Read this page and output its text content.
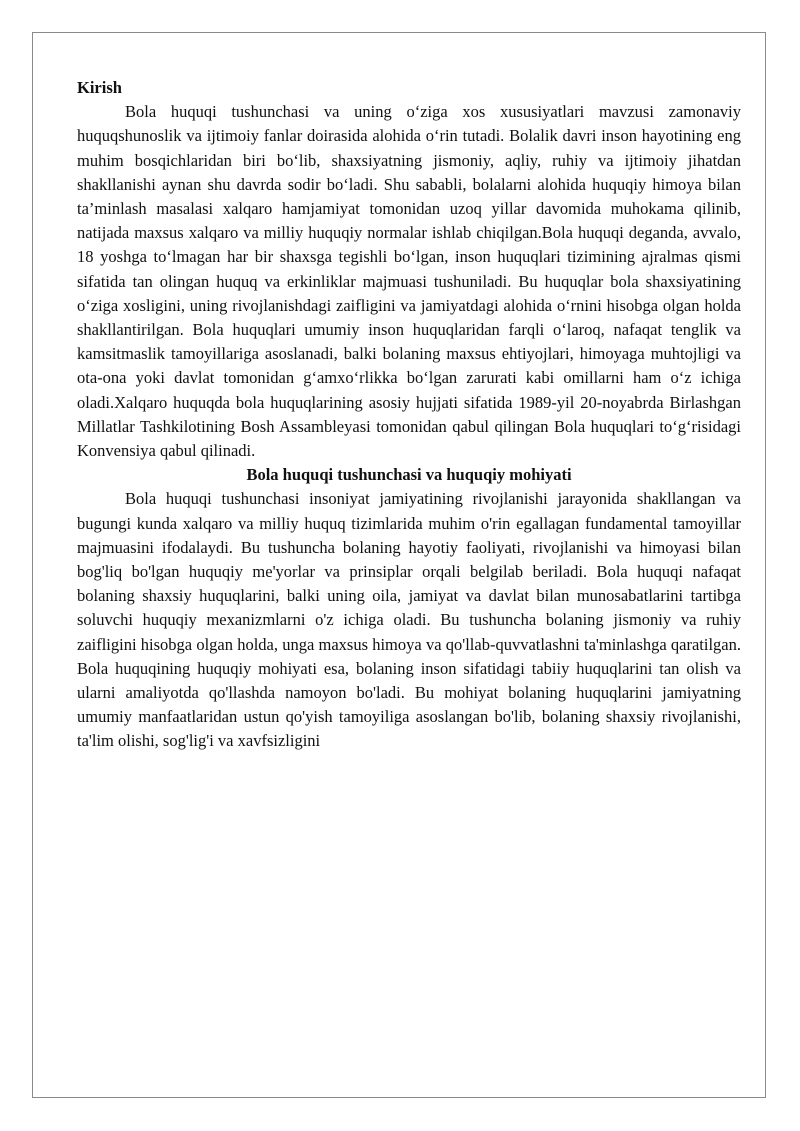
Kirish

Bola huquqi tushunchasi va uning o‘ziga xos xususiyatlari mavzusi zamonaviy huquqshunoslik va ijtimoiy fanlar doirasida alohida o‘rin tutadi. Bolalik davri inson hayotining eng muhim bosqichlaridan biri bo‘lib, shaxsiyatning jismoniy, aqliy, ruhiy va ijtimoiy jihatdan shakllanishi aynan shu davrda sodir bo‘ladi. Shu sababli, bolalarni alohida huquqiy himoya bilan ta’minlash masalasi xalqaro hamjamiyat tomonidan uzoq yillar davomida muhokama qilinib, natijada maxsus xalqaro va milliy huquqiy normalar ishlab chiqilgan.Bola huquqi deganda, avvalo, 18 yoshga to‘lmagan har bir shaxsga tegishli bo‘lgan, inson huquqlari tizimining ajralmas qismi sifatida tan olingan huquq va erkinliklar majmuasi tushuniladi. Bu huquqlar bola shaxsiyatining o‘ziga xosligini, uning rivojlanishdagi zaifligini va jamiyatdagi alohida o‘rnini hisobga olgan holda shakllantirilgan. Bola huquqlari umumiy inson huquqlaridan farqli o‘laroq, nafaqat tenglik va kamsitmaslik tamoyillariga asoslanadi, balki bolaning maxsus ehtiyojlari, himoyaga muhtojligi va ota-ona yoki davlat tomonidan g‘amxo‘rlikka bo‘lgan zarurati kabi omillarni ham o‘z ichiga oladi.Xalqaro huquqda bola huquqlarining asosiy hujjati sifatida 1989-yil 20-noyabrda Birlashgan Millatlar Tashkilotining Bosh Assambleyasi tomonidan qabul qilingan Bola huquqlari to‘g‘risidagi Konvensiya qabul qilinadi.

Bola huquqi tushunchasi va huquqiy mohiyati

Bola huquqi tushunchasi insoniyat jamiyatining rivojlanishi jarayonida shakllangan va bugungi kunda xalqaro va milliy huquq tizimlarida muhim o'rin egallagan fundamental tamoyillar majmuasini ifodalaydi. Bu tushuncha bolaning hayotiy faoliyati, rivojlanishi va himoyasi bilan bog'liq bo'lgan huquqiy me'yorlar va prinsiplar orqali belgilab beriladi. Bola huquqi nafaqat bolaning shaxsiy huquqlarini, balki uning oila, jamiyat va davlat bilan munosabatlarini tartibga soluvchi huquqiy mexanizmlarni o'z ichiga oladi. Bu tushuncha bolaning jismoniy va ruhiy zaifligini hisobga olgan holda, unga maxsus himoya va qo'llab-quvvatlashni ta'minlashga qaratilgan. Bola huquqining huquqiy mohiyati esa, bolaning inson sifatidagi tabiiy huquqlarini tan olish va ularni amaliyotda qo'llashda namoyon bo'ladi. Bu mohiyat bolaning huquqlarini jamiyatning umumiy manfaatlaridan ustun qo'yish tamoyiliga asoslangan bo'lib, bolaning shaxsiy rivojlanishi, ta'lim olishi, sog'lig'i va xavfsizligini
